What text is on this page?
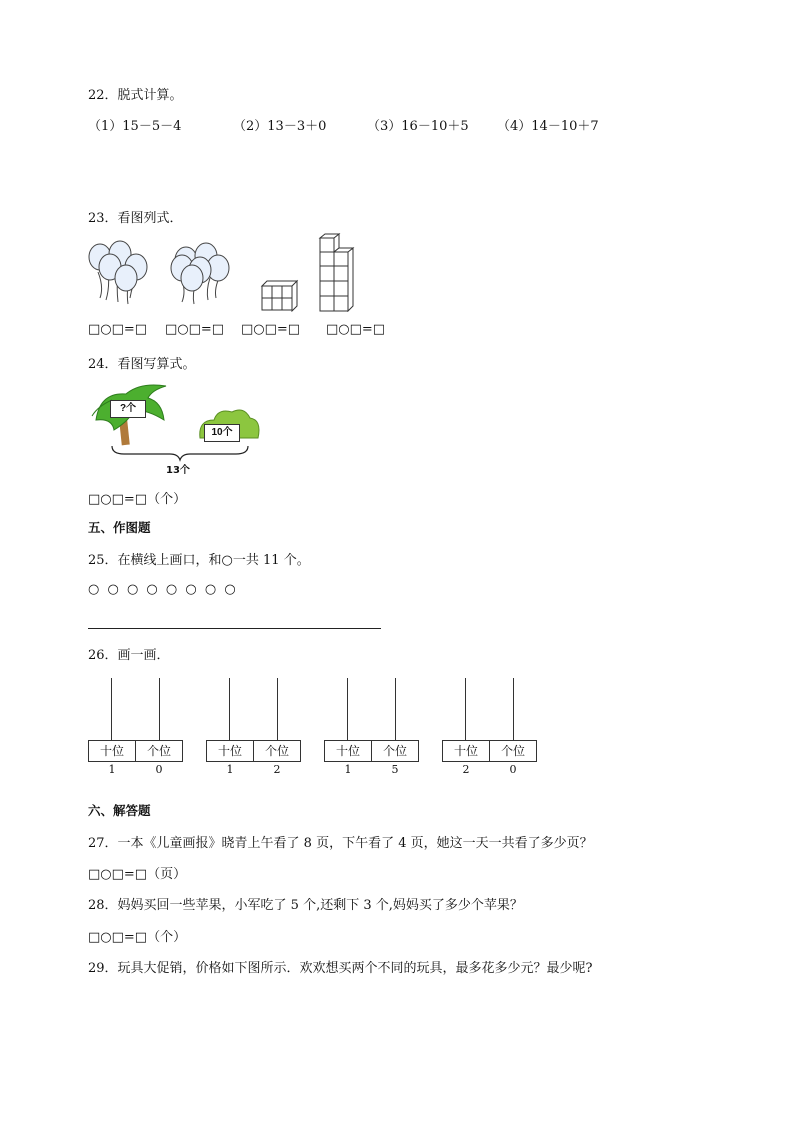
22．脱式计算。
（1）15－5－4	（2）13－3＋0	（3）16－10＋5 （4）14－10＋7
23．看图列式．
□○□=□ □○□=□ □○□=□ □○□=□
24．看图写算式。
?个
10个
13个
□○□=□（个）
五、作图题
25．在横线上画口，和○一共 11 个。
○ ○ ○ ○ ○ ○ ○ ○
26．画一画．
十位	个位
1	0
十位	个位
1	2
十位	个位
1	5
十位	个位
2	0
六、解答题
27．一本《儿童画报》晓青上午看了 8 页，下午看了 4 页，她这一天一共看了多少页？
□○□=□（页）
28．妈妈买回一些苹果，小军吃了 5 个,还剩下 3 个,妈妈买了多少个苹果？
□○□=□（个）
29．玩具大促销，价格如下图所示．欢欢想买两个不同的玩具，最多花多少元？最少呢?
